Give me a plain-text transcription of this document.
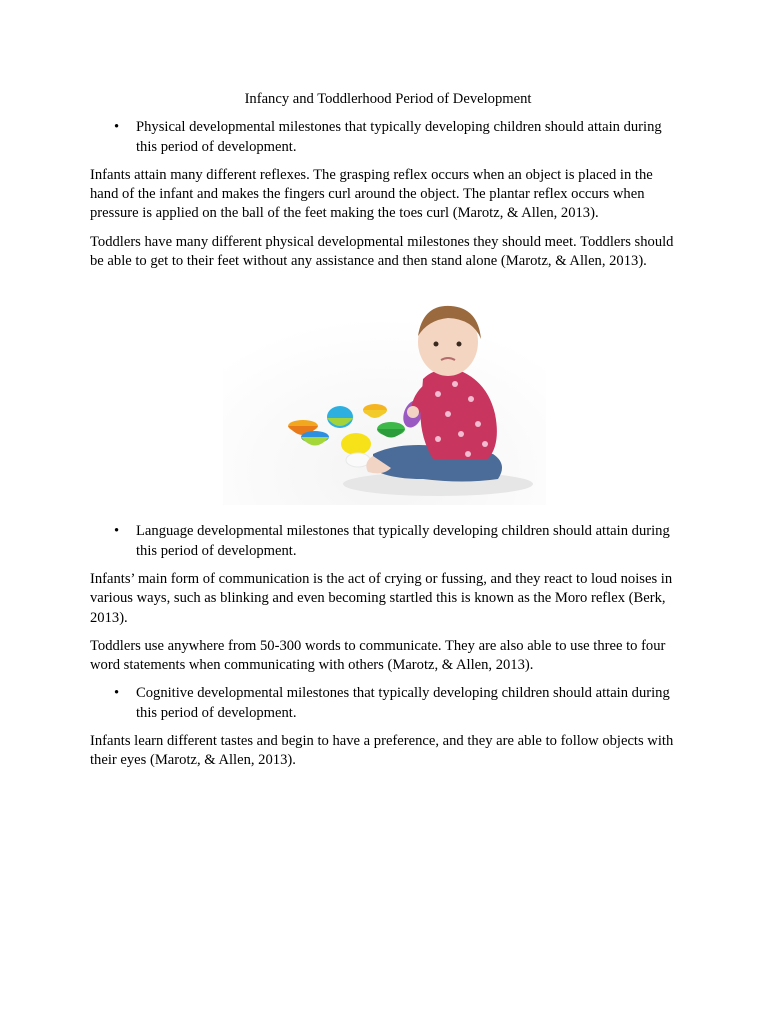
Infancy and Toddlerhood Period of Development
• Physical developmental milestones that typically developing children should attain during this period of development.

Infants attain many different reflexes. The grasping reflex occurs when an object is placed in the hand of the infant and makes the fingers curl around the object. The plantar reflex occurs when pressure is applied on the ball of the feet making the toes curl (Marotz, & Allen, 2013).

Toddlers have many different physical developmental milestones they should meet. Toddlers should be able to get to their feet without any assistance and then stand alone (Marotz, & Allen, 2013).

• Language developmental milestones that typically developing children should attain during this period of development.

Infants’ main form of communication is the act of crying or fussing, and they react to loud noises in various ways, such as blinking and even becoming startled this is known as the Moro reflex (Berk, 2013).

Toddlers use anywhere from 50-300 words to communicate. They are also able to use three to four word statements when communicating with others (Marotz, & Allen, 2013).

• Cognitive developmental milestones that typically developing children should attain during this period of development.

Infants learn different tastes and begin to have a preference, and they are able to follow objects with their eyes (Marotz, & Allen, 2013).
